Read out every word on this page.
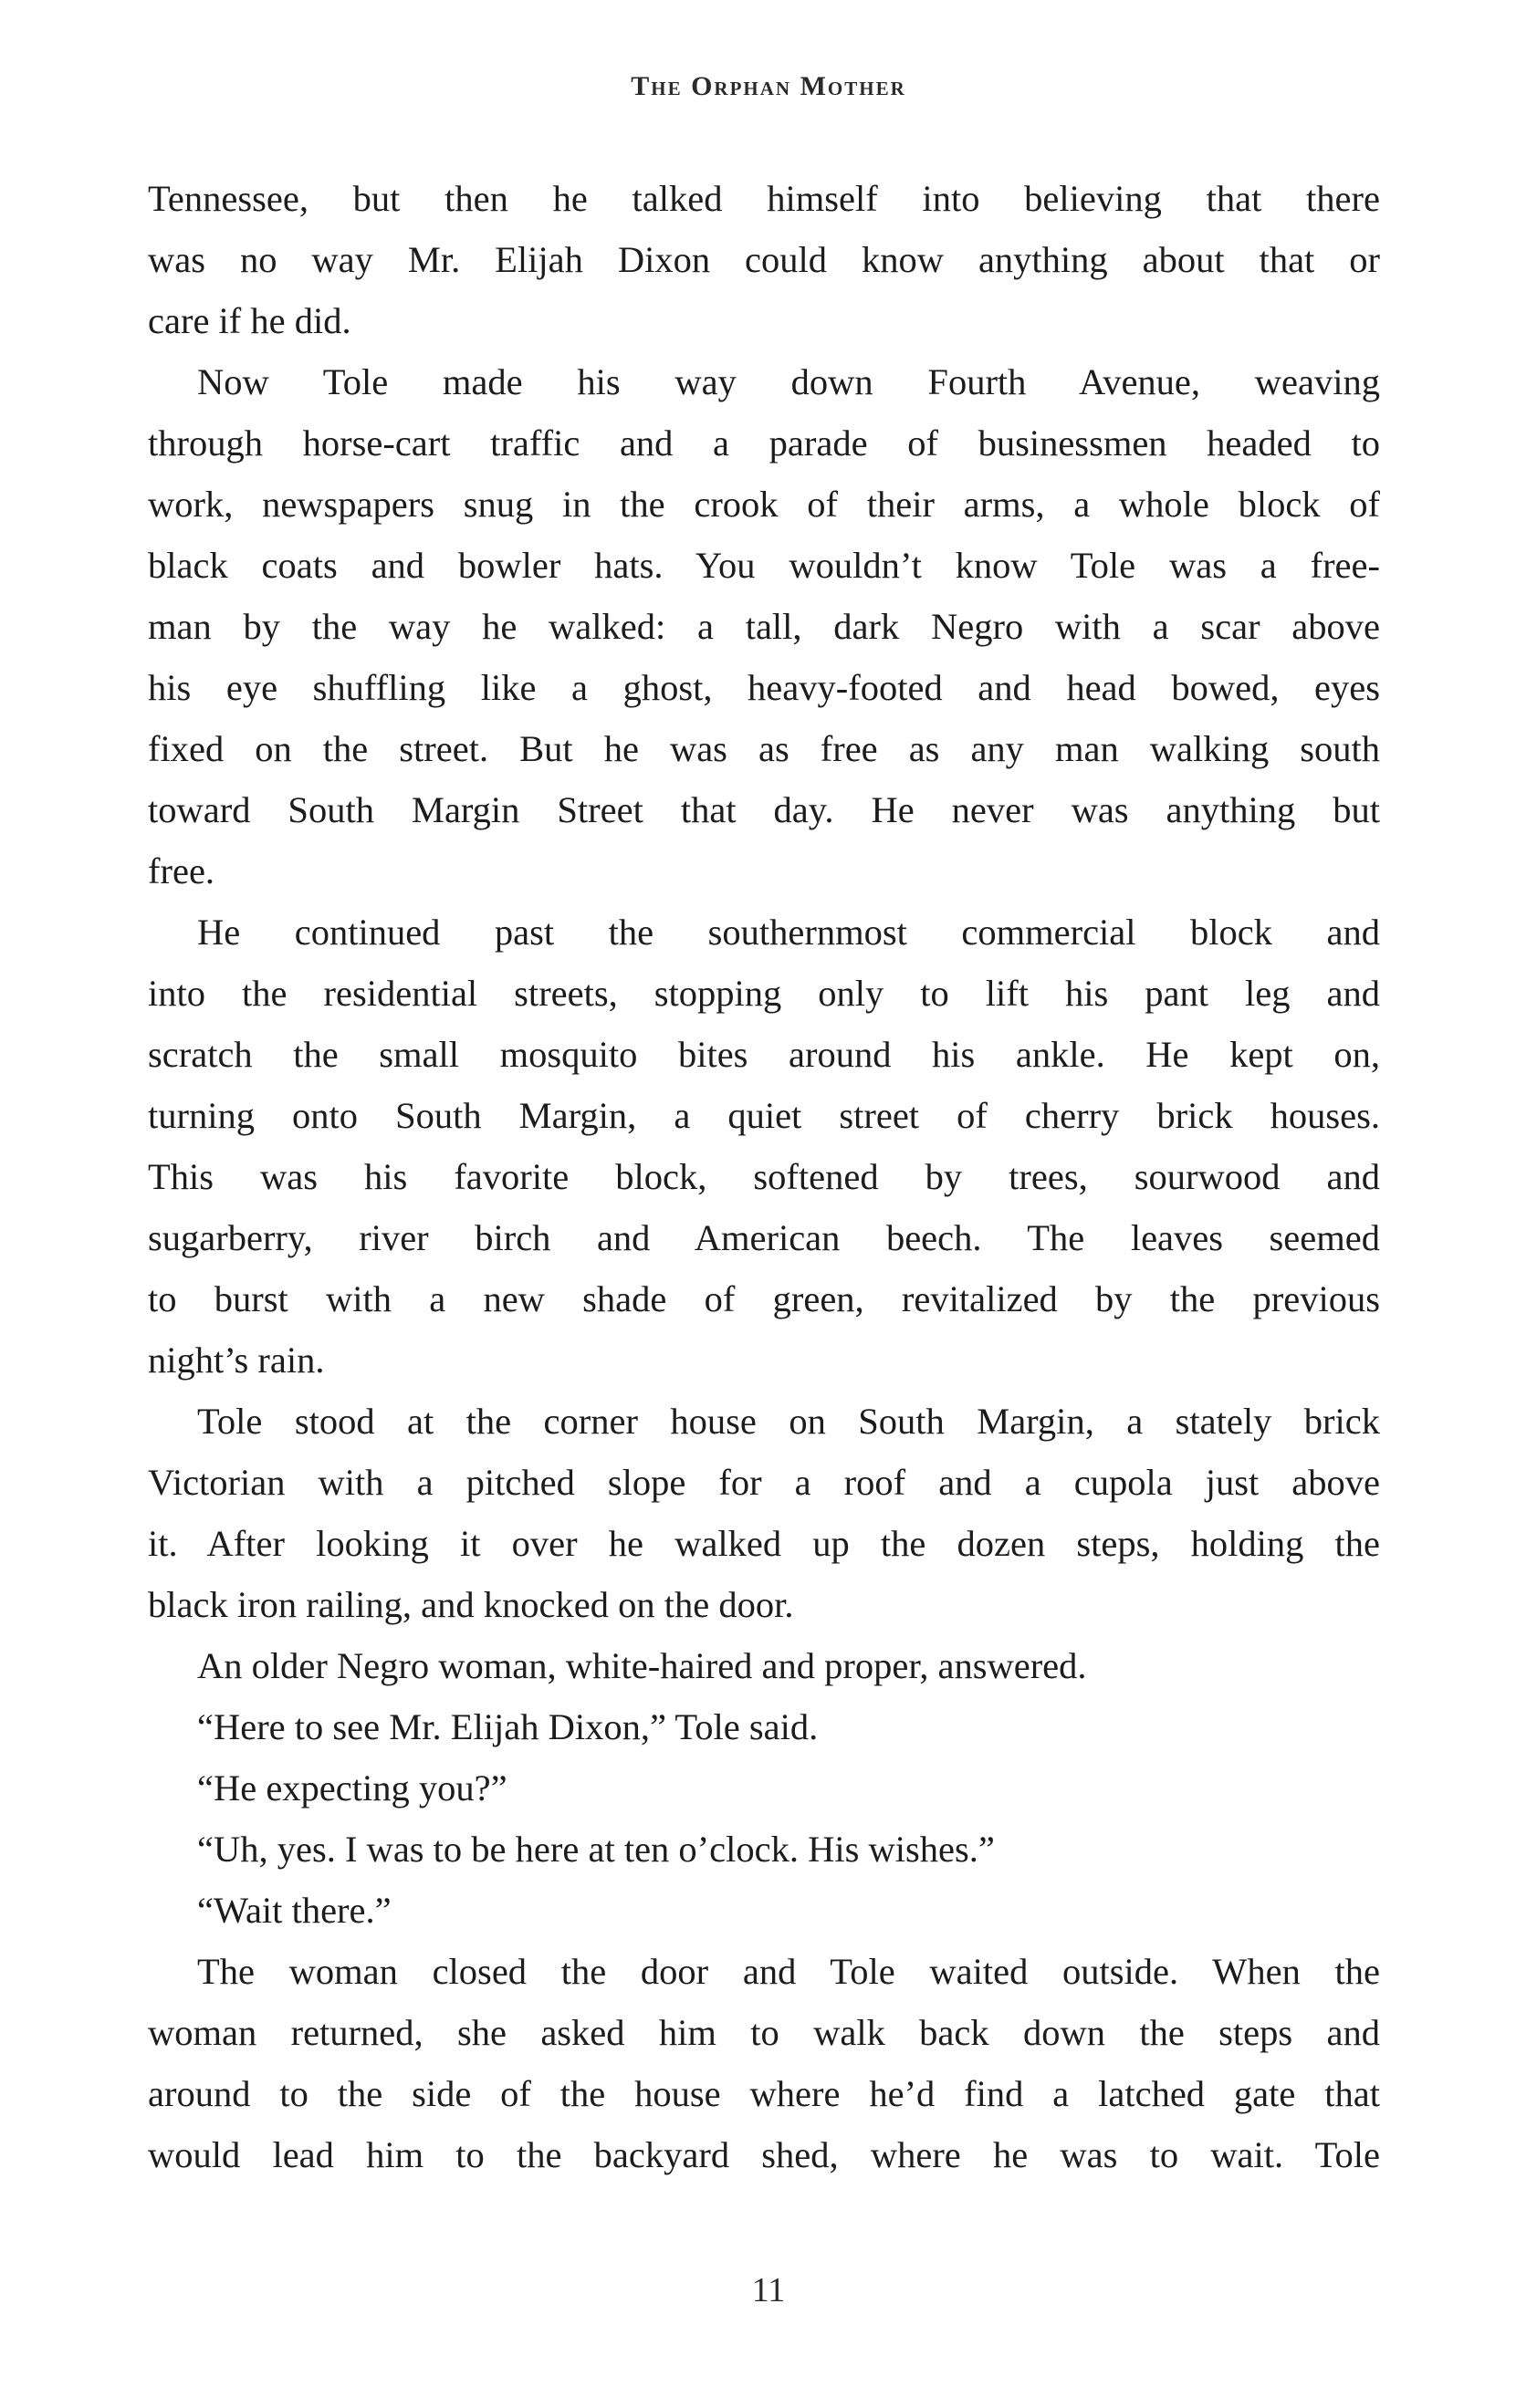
The Orphan Mother
Tennessee, but then he talked himself into believing that there
was no way Mr. Elijah Dixon could know anything about that or
care if he did.
Now Tole made his way down Fourth Avenue, weaving
through horse-cart traffic and a parade of businessmen headed to
work, newspapers snug in the crook of their arms, a whole block of
black coats and bowler hats. You wouldn’t know Tole was a free-
man by the way he walked: a tall, dark Negro with a scar above
his eye shuffling like a ghost, heavy-footed and head bowed, eyes
fixed on the street. But he was as free as any man walking south
toward South Margin Street that day. He never was anything but
free.
He continued past the southernmost commercial block and
into the residential streets, stopping only to lift his pant leg and
scratch the small mosquito bites around his ankle. He kept on,
turning onto South Margin, a quiet street of cherry brick houses.
This was his favorite block, softened by trees, sourwood and
sugarberry, river birch and American beech. The leaves seemed
to burst with a new shade of green, revitalized by the previous
night’s rain.
Tole stood at the corner house on South Margin, a stately brick
Victorian with a pitched slope for a roof and a cupola just above
it. After looking it over he walked up the dozen steps, holding the
black iron railing, and knocked on the door.
An older Negro woman, white-haired and proper, answered.
“Here to see Mr. Elijah Dixon,” Tole said.
“He expecting you?”
“Uh, yes. I was to be here at ten o’clock. His wishes.”
“Wait there.”
The woman closed the door and Tole waited outside. When the
woman returned, she asked him to walk back down the steps and
around to the side of the house where he’d find a latched gate that
would lead him to the backyard shed, where he was to wait. Tole
11
